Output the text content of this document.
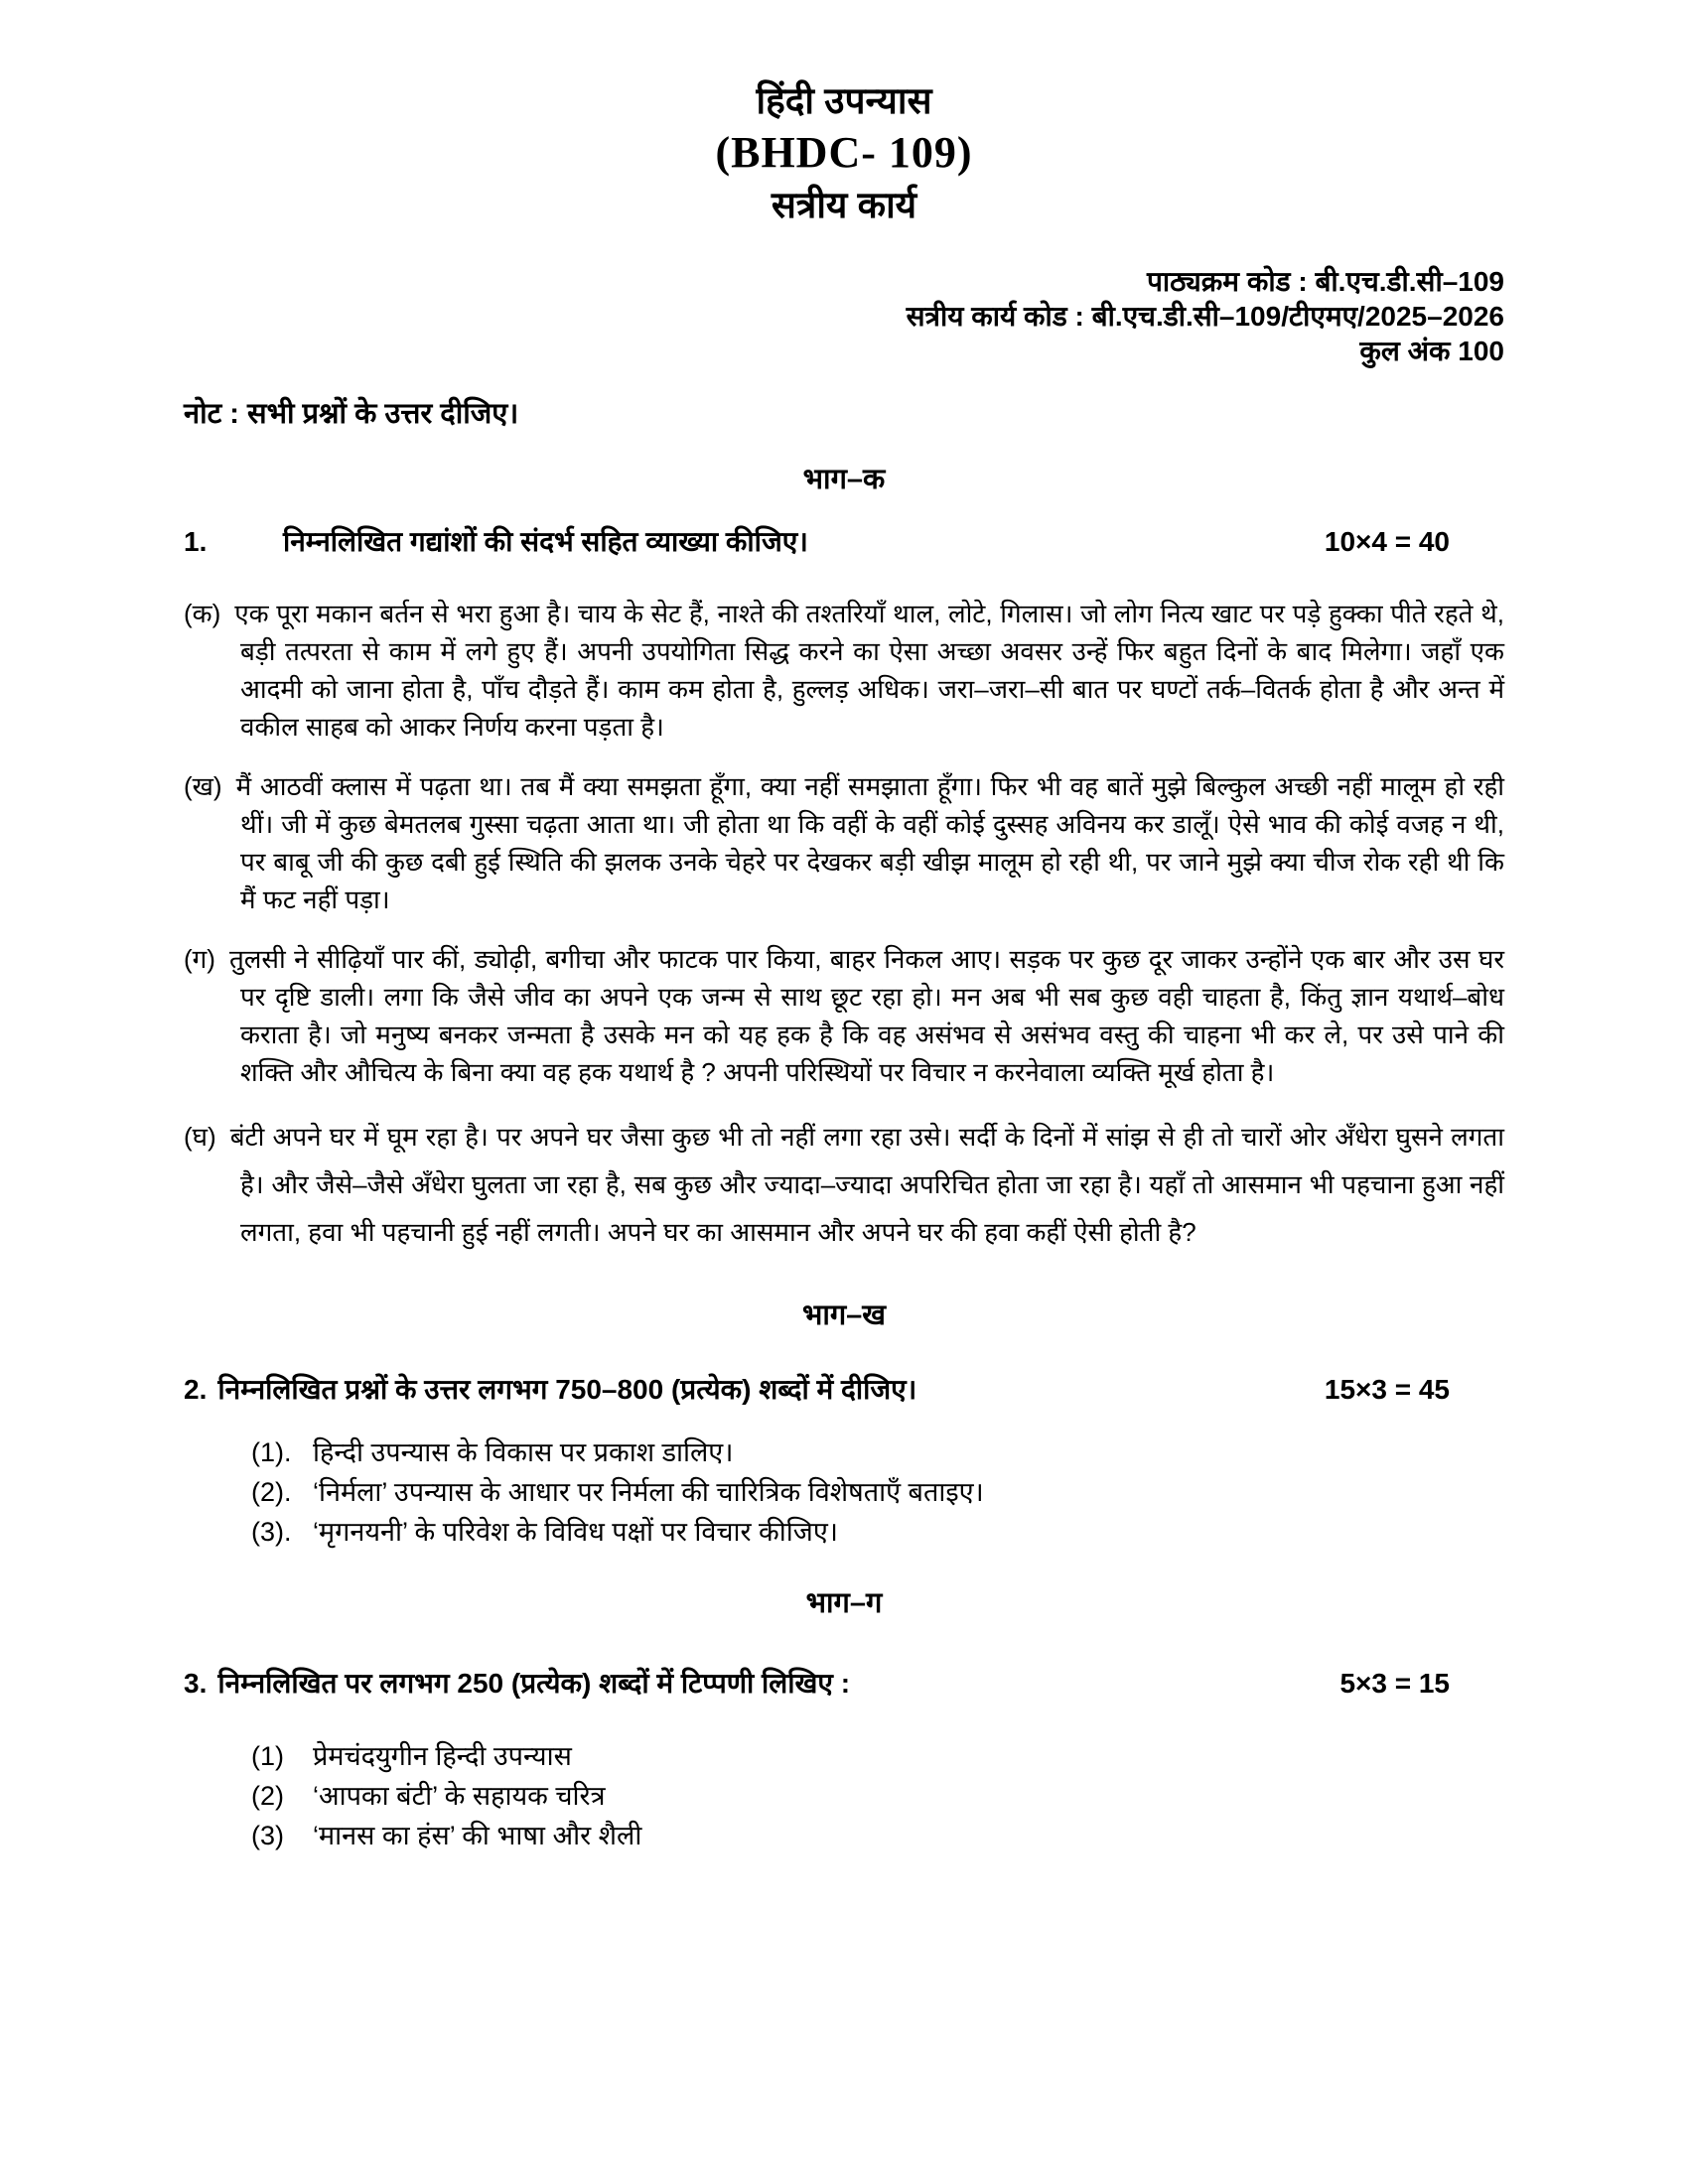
हिंदी उपन्यास
(BHDC- 109)
सत्रीय कार्य
पाठ्यक्रम कोड : बी.एच.डी.सी–109
सत्रीय कार्य कोड : बी.एच.डी.सी–109/टीएमए/2025–2026
कुल अंक 100
नोट : सभी प्रश्नों के उत्तर दीजिए।
भाग–क
1.	निम्नलिखित गद्यांशों की संदर्भ सहित व्याख्या कीजिए।	10×4 = 40
(क) एक पूरा मकान बर्तन से भरा हुआ है। चाय के सेट हैं, नाश्ते की तश्तरियाँ थाल, लोटे, गिलास। जो लोग नित्य खाट पर पड़े हुक्का पीते रहते थे, बड़ी तत्परता से काम में लगे हुए हैं। अपनी उपयोगिता सिद्ध करने का ऐसा अच्छा अवसर उन्हें फिर बहुत दिनों के बाद मिलेगा। जहाँ एक आदमी को जाना होता है, पाँच दौड़ते हैं। काम कम होता है, हुल्लड़ अधिक। जरा–जरा–सी बात पर घण्टों तर्क–वितर्क होता है और अन्त में वकील साहब को आकर निर्णय करना पड़ता है।
(ख) मैं आठवीं क्लास में पढ़ता था। तब मैं क्या समझता हूँगा, क्या नहीं समझाता हूँगा। फिर भी वह बातें मुझे बिल्कुल अच्छी नहीं मालूम हो रही थीं। जी में कुछ बेमतलब गुस्सा चढ़ता आता था। जी होता था कि वहीं के वहीं कोई दुस्सह अविनय कर डालूँ। ऐसे भाव की कोई वजह न थी, पर बाबू जी की कुछ दबी हुई स्थिति की झलक उनके चेहरे पर देखकर बड़ी खीझ मालूम हो रही थी, पर जाने मुझे क्या चीज रोक रही थी कि मैं फट नहीं पड़ा।
(ग) तुलसी ने सीढ़ियाँ पार कीं, ड्योढ़ी, बगीचा और फाटक पार किया, बाहर निकल आए। सड़क पर कुछ दूर जाकर उन्होंने एक बार और उस घर पर दृष्टि डाली। लगा कि जैसे जीव का अपने एक जन्म से साथ छूट रहा हो। मन अब भी सब कुछ वही चाहता है, किंतु ज्ञान यथार्थ–बोध कराता है। जो मनुष्य बनकर जन्मता है उसके मन को यह हक है कि वह असंभव से असंभव वस्तु की चाहना भी कर ले, पर उसे पाने की शक्ति और औचित्य के बिना क्या वह हक यथार्थ है ? अपनी परिस्थियों पर विचार न करनेवाला व्यक्ति मूर्ख होता है।
(घ) बंटी अपने घर में घूम रहा है। पर अपने घर जैसा कुछ भी तो नहीं लगा रहा उसे। सर्दी के दिनों में सांझ से ही तो चारों ओर अँधेरा घुसने लगता है। और जैसे–जैसे अँधेरा घुलता जा रहा है, सब कुछ और ज्यादा–ज्यादा अपरिचित होता जा रहा है। यहाँ तो आसमान भी पहचाना हुआ नहीं लगता, हवा भी पहचानी हुई नहीं लगती। अपने घर का आसमान और अपने घर की हवा कहीं ऐसी होती है?
भाग–ख
2. निम्नलिखित प्रश्नों के उत्तर लगभग 750–800 (प्रत्येक) शब्दों में दीजिए।	15×3 = 45
(1). हिन्दी उपन्यास के विकास पर प्रकाश डालिए।
(2). ‘निर्मला’ उपन्यास के आधार पर निर्मला की चारित्रिक विशेषताएँ बताइए।
(3). ‘मृगनयनी’ के परिवेश के विविध पक्षों पर विचार कीजिए।
भाग–ग
3. निम्नलिखित पर लगभग 250 (प्रत्येक) शब्दों में टिप्पणी लिखिए :	5×3 = 15
(1)	प्रेमचंदयुगीन हिन्दी उपन्यास
(2)	‘आपका बंटी’ के सहायक चरित्र
(3)	‘मानस का हंस’ की भाषा और शैली
